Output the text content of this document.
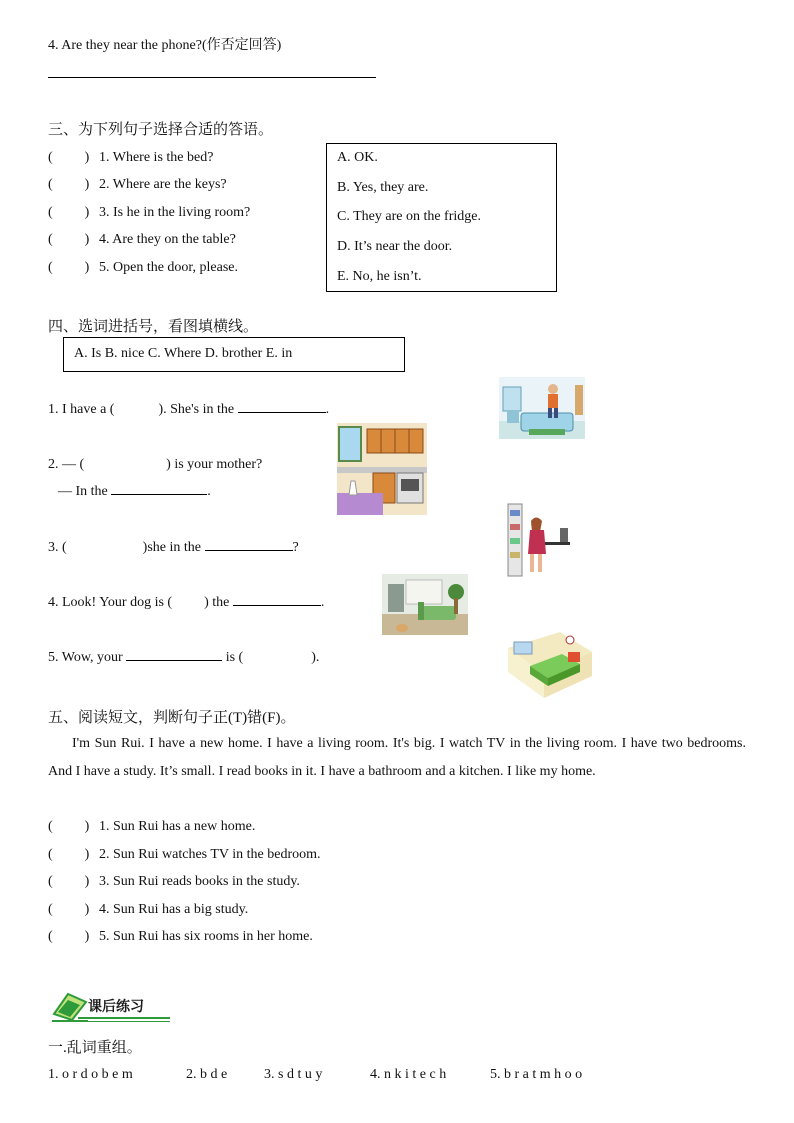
4. Are they near the phone?(作否定回答)
三、为下列句子选择合适的答语。
( ) 1. Where is the bed?
( ) 2. Where are the keys?
( ) 3. Is he in the living room?
( ) 4. Are they on the table?
( ) 5. Open the door, please.
A. OK.
B. Yes, they are.
C. They are on the fridge.
D. It’s near the door.
E. No, he isn’t.
四、选词进括号，看图填横线。
A. Is B. nice C. Where D. brother E. in
1. I have a (	). She's in the	.
2. — (	) is your mother?
— In the	.
3. (	)she in the	?
4. Look! Your dog is ( ) the	.
5. Wow, your	is (	).
五、阅读短文，判断句子正(T)错(F)。
I'm Sun Rui. I have a new home. I have a living room. It's big. I watch TV in the living room. I have two bedrooms. And I have a study. It’s small. I read books in it. I have a bathroom and a kitchen. I like my home.
( ) 1. Sun Rui has a new home.
( ) 2. Sun Rui watches TV in the bedroom.
( ) 3. Sun Rui reads books in the study.
( ) 4. Sun Rui has a big study.
( ) 5. Sun Rui has six rooms in her home.
课后练习
一.乱词重组。
1. o r d o b e m	2. b d e	3. s d t u y	4. n k i t e c h	5. b r a t m h o o
